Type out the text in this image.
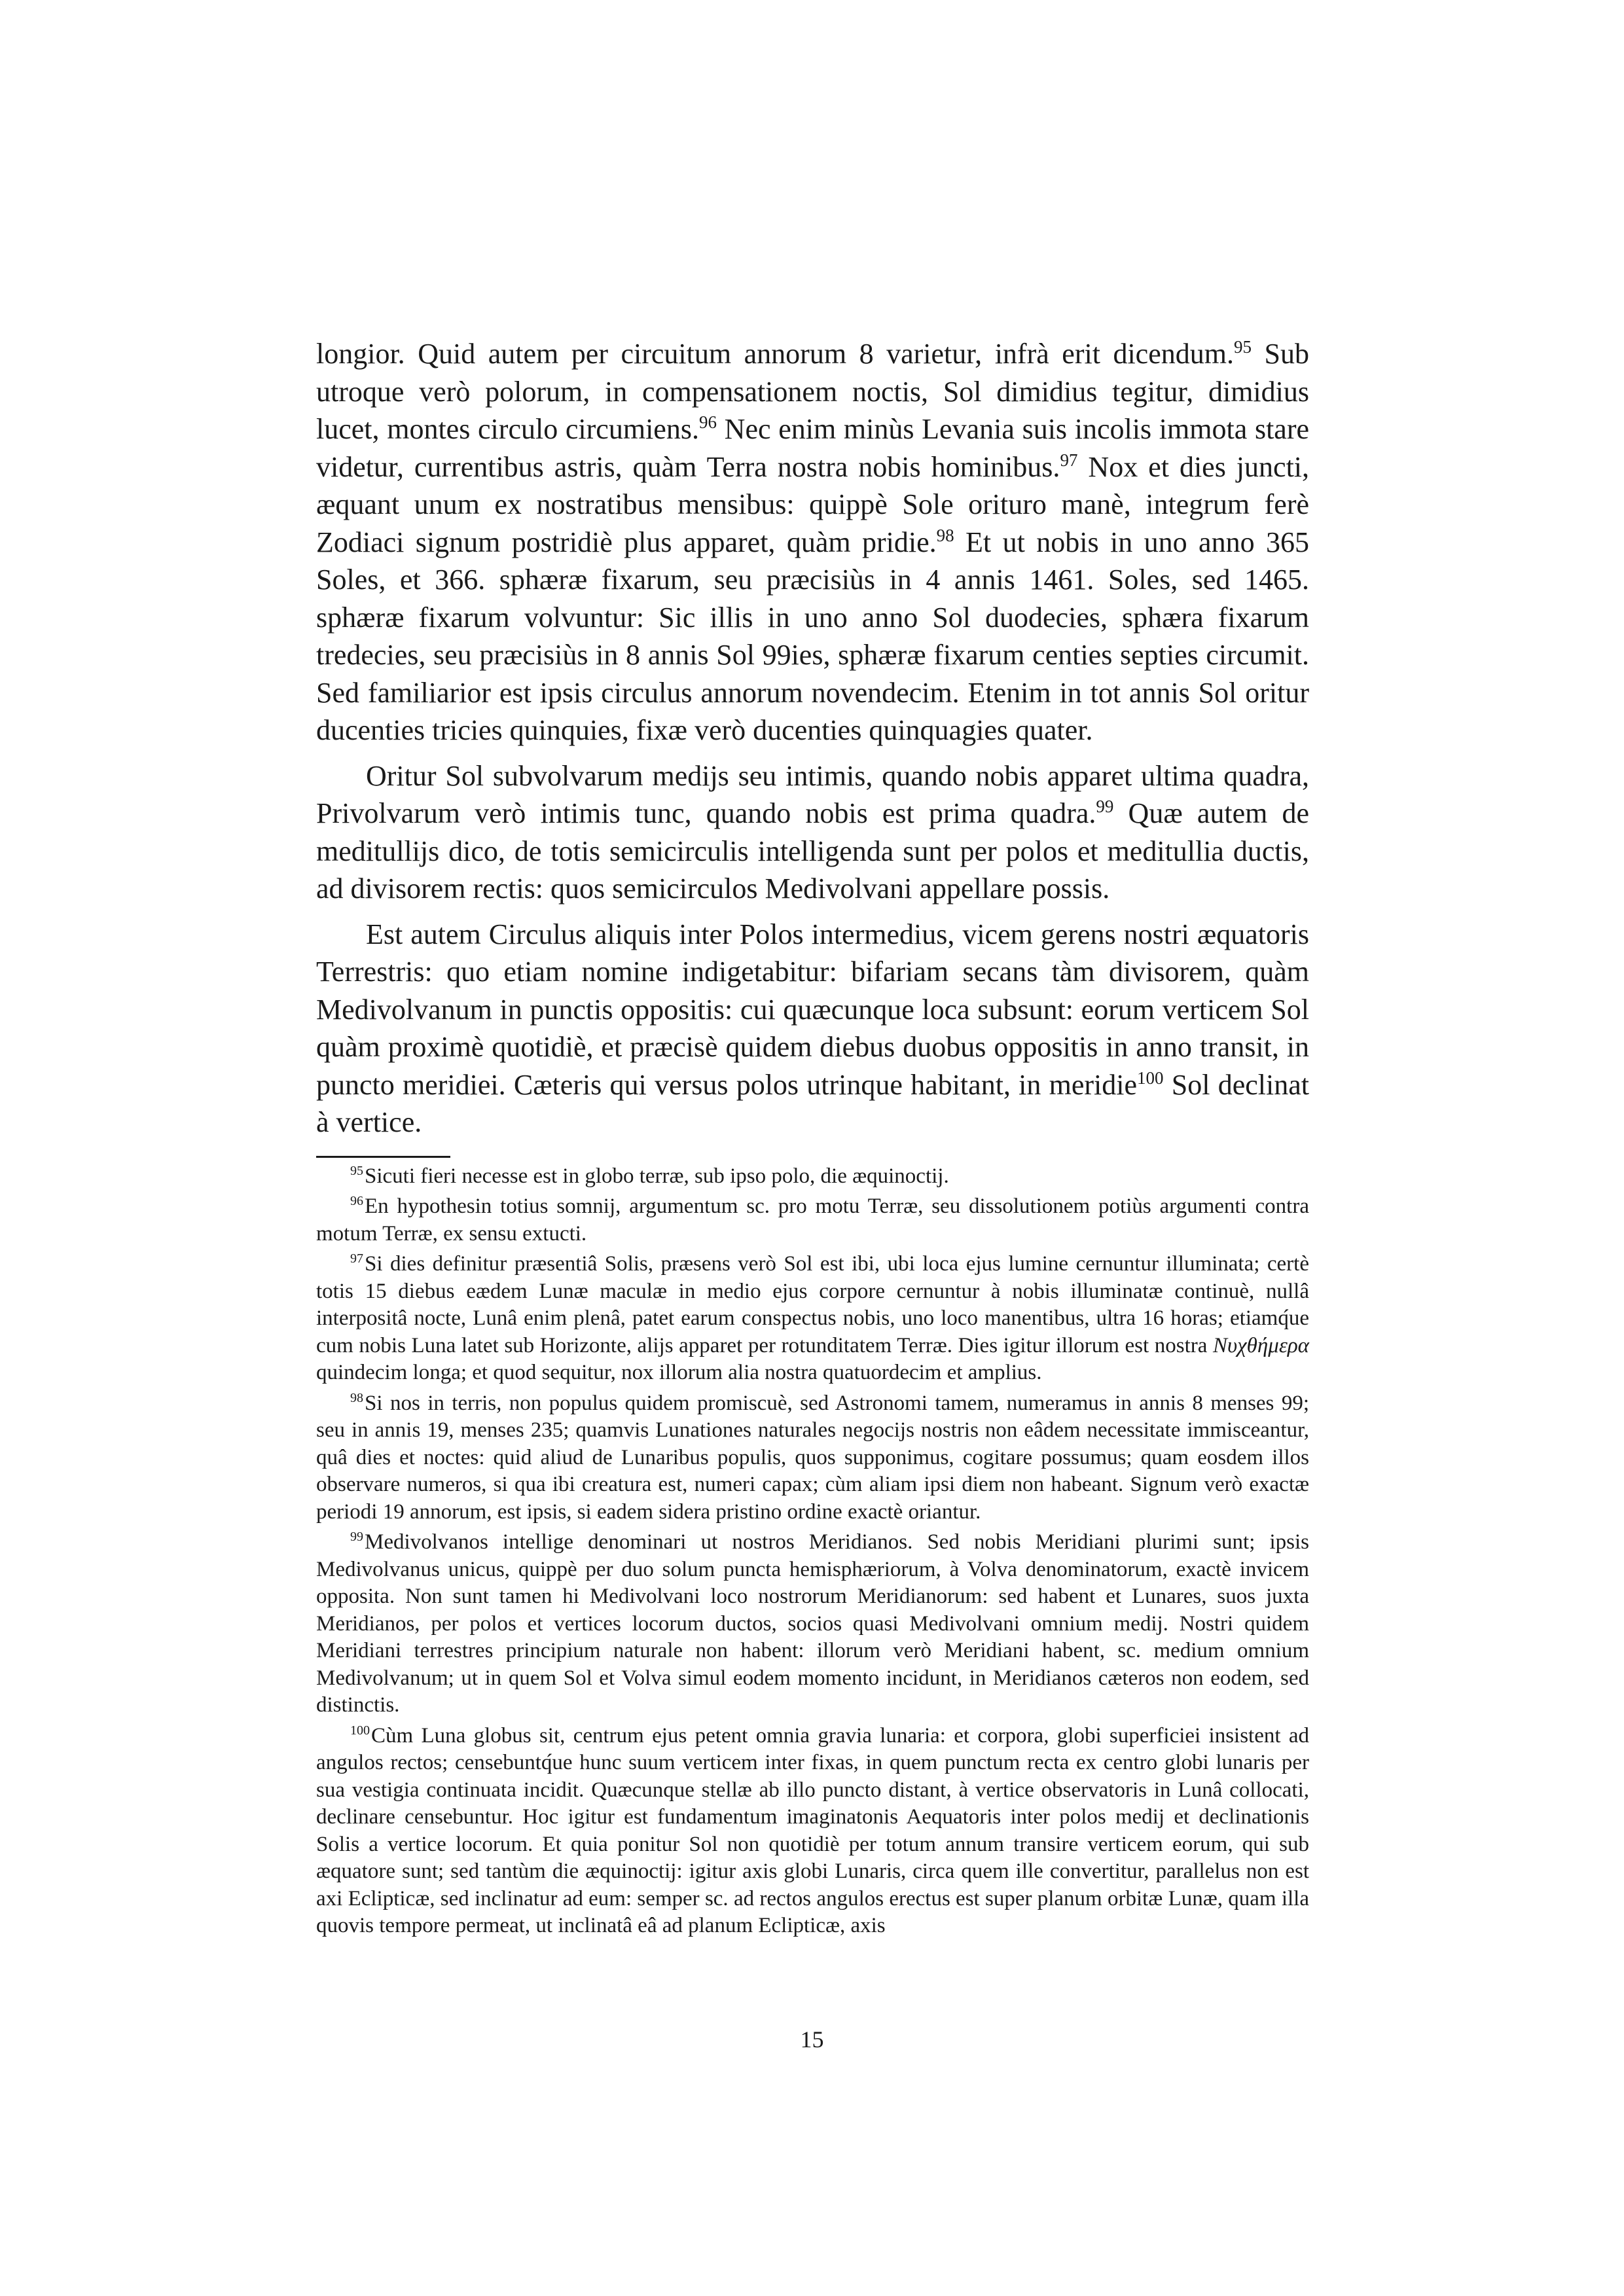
longior. Quid autem per circuitum annorum 8 varietur, infrà erit dicendum.$^{95}$ Sub utroque verò polorum, in compensationem noctis, Sol dimidius tegitur, dimidius lucet, montes circulo circumiens.$^{96}$ Nec enim minùs Levania suis incolis immota stare videtur, currentibus astris, quàm Terra nostra nobis hominibus.$^{97}$ Nox et dies juncti, æquant unum ex nostratibus mensibus: quippè Sole orituro manè, integrum ferè Zodiaci signum postridiè plus apparet, quàm pridie.$^{98}$ Et ut nobis in uno anno 365 Soles, et 366. sphæræ fixarum, seu præcisiùs in 4 annis 1461. Soles, sed 1465. sphæræ fixarum volvuntur: Sic illis in uno anno Sol duodecies, sphæra fixarum tredecies, seu præcisiùs in 8 annis Sol 99ies, sphæræ fixarum centies septies circumit. Sed familiarior est ipsis circulus annorum novendecim. Etenim in tot annis Sol oritur ducenties tricies quinquies, fixæ verò ducenties quinquagies quater.

Oritur Sol subvolvarum medijs seu intimis, quando nobis apparet ultima quadra, Privolvarum verò intimis tunc, quando nobis est prima quadra.$^{99}$ Quæ autem de meditullijs dico, de totis semicirculis intelligenda sunt per polos et meditullia ductis, ad divisorem rectis: quos semicirculos Medivolvani appellare possis.

Est autem Circulus aliquis inter Polos intermedius, vicem gerens nostri æquatoris Terrestris: quo etiam nomine indigetabitur: bifariam secans tàm divisorem, quàm Medivolvanum in punctis oppositis: cui quæcunque loca subsunt: eorum verticem Sol quàm proximè quotidiè, et præcisè quidem diebus duobus oppositis in anno transit, in puncto meridiei. Cæteris qui versus polos utrinque habitant, in meridie$^{100}$ Sol declinat à vertice.

$^{95}$Sicuti fieri necesse est in globo terræ, sub ipso polo, die æquinoctij.

$^{96}$En hypothesin totius somnij, argumentum sc. pro motu Terræ, seu dissolutionem potiùs argumenti contra motum Terræ, ex sensu extucti.

$^{97}$Si dies definitur præsentiâ Solis, præsens verò Sol est ibi, ubi loca ejus lumine cernuntur illuminata; certè totis 15 diebus eædem Lunæ maculæ in medio ejus corpore cernuntur à nobis illuminatæ continuè, nullâ interpositâ nocte, Lunâ enim plenâ, patet earum conspectus nobis, uno loco manentibus, ultra 16 horas; etiamq́ue cum nobis Luna latet sub Horizonte, alijs apparet per rotunditatem Terræ. Dies igitur illorum est nostra Νυχθήμερα quindecim longa; et quod sequitur, nox illorum alia nostra quatuordecim et amplius.

$^{98}$Si nos in terris, non populus quidem promiscuè, sed Astronomi tamem, numeramus in annis 8 menses 99; seu in annis 19, menses 235; quamvis Lunationes naturales negocijs nostris non eâdem necessitate immisceantur, quâ dies et noctes: quid aliud de Lunaribus populis, quos supponimus, cogitare possumus; quam eosdem illos observare numeros, si qua ibi creatura est, numeri capax; cùm aliam ipsi diem non habeant. Signum verò exactæ periodi 19 annorum, est ipsis, si eadem sidera pristino ordine exactè oriantur.

$^{99}$Medivolvanos intellige denominari ut nostros Meridianos. Sed nobis Meridiani plurimi sunt; ipsis Medivolvanus unicus, quippè per duo solum puncta hemisphæriorum, à Volva denominatorum, exactè invicem opposita. Non sunt tamen hi Medivolvani loco nostrorum Meridianorum: sed habent et Lunares, suos juxta Meridianos, per polos et vertices locorum ductos, socios quasi Medivolvani omnium medij. Nostri quidem Meridiani terrestres principium naturale non habent: illorum verò Meridiani habent, sc. medium omnium Medivolvanum; ut in quem Sol et Volva simul eodem momento incidunt, in Meridianos cæteros non eodem, sed distinctis.

$^{100}$Cùm Luna globus sit, centrum ejus petent omnia gravia lunaria: et corpora, globi superficiei insistent ad angulos rectos; censebuntq́ue hunc suum verticem inter fixas, in quem punctum recta ex centro globi lunaris per sua vestigia continuata incidit. Quæcunque stellæ ab illo puncto distant, à vertice observatoris in Lunâ collocati, declinare censebuntur. Hoc igitur est fundamentum imaginatonis Aequatoris inter polos medij et declinationis Solis a vertice locorum. Et quia ponitur Sol non quotidiè per totum annum transire verticem eorum, qui sub æquatore sunt; sed tantùm die æquinoctij: igitur axis globi Lunaris, circa quem ille convertitur, parallelus non est axi Eclipticæ, sed inclinatur ad eum: semper sc. ad rectos angulos erectus est super planum orbitæ Lunæ, quam illa quovis tempore permeat, ut inclinatâ eâ ad planum Eclipticæ, axis

15
